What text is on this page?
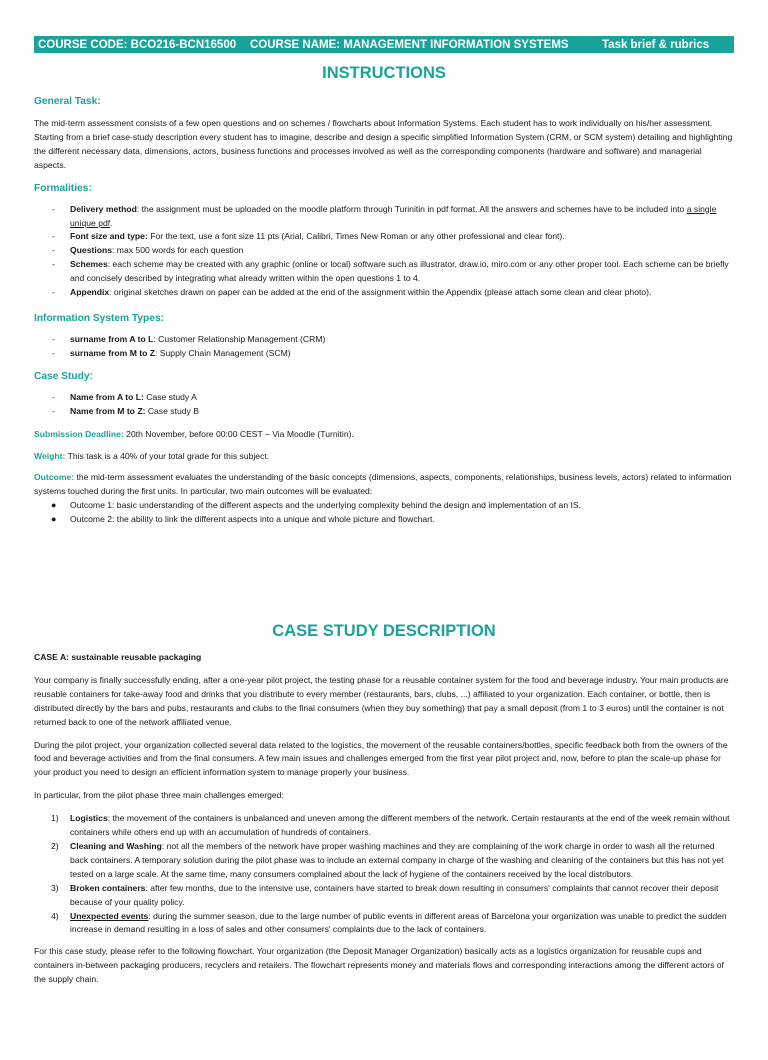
COURSE CODE: BCO216-BCN16500	COURSE NAME: MANAGEMENT INFORMATION SYSTEMS	Task brief & rubrics
INSTRUCTIONS
General Task:

The mid-term assessment consists of a few open questions and on schemes / flowcharts about Information Systems. Each student has to work individually on his/her assessment. Starting from a brief case-study description every student has to imagine, describe and design a specific simplified Information System (CRM, or SCM system) detailing and highlighting the different necessary data, dimensions, actors, business functions and processes involved as well as the corresponding components (hardware and software) and managerial aspects.

Formalities:
- Delivery method: the assignment must be uploaded on the moodle platform through Turinitin in pdf format. All the answers and schemes have to be included into a single unique pdf.
- Font size and type: For the text, use a font size 11 pts (Arial, Calibri, Times New Roman or any other professional and clear font).
- Questions: max 500 words for each question
- Schemes: each scheme may be created with any graphic (online or local) software such as illustrator, draw.io, miro.com or any other proper tool. Each scheme can be briefly and concisely described by integrating what already written within the open questions 1 to 4.
- Appendix: original sketches drawn on paper can be added at the end of the assignment within the Appendix (please attach some clean and clear photo).
Information System Types:
- surname from A to L: Customer Relationship Management (CRM)
- surname from M to Z: Supply Chain Management (SCM)
Case Study:
- Name from A to L: Case study A
- Name from M to Z: Case study B

Submission Deadline: 20th November, before 00:00 CEST – Via Moodle (Turnitin).

Weight: This task is a 40% of your total grade for this subject.

Outcome: the mid-term assessment evaluates the understanding of the basic concepts (dimensions, aspects, components, relationships, business levels, actors) related to information systems touched during the first units. In particular, two main outcomes will be evaluated:

● Outcome 1: basic understanding of the different aspects and the underlying complexity behind the design and implementation of an IS.
● Outcome 2: the ability to link the different aspects into a unique and whole picture and flowchart.
CASE STUDY DESCRIPTION

CASE A: sustainable reusable packaging

Your company is finally successfully ending, after a one-year pilot project, the testing phase for a reusable container system for the food and beverage industry. Your main products are reusable containers for take-away food and drinks that you distribute to every member (restaurants, bars, clubs, ...) affiliated to your organization. Each container, or bottle, then is distributed directly by the bars and pubs, restaurants and clubs to the final consumers (when they buy something) that pay a small deposit (from 1 to 3 euros) until the container is not returned back to one of the network affiliated venue.

During the pilot project, your organization collected several data related to the logistics, the movement of the reusable containers/bottles, specific feedback both from the owners of the food and beverage activities and from the final consumers. A few main issues and challenges emerged from the first year pilot project and, now, before to plan the scale-up phase for your product you need to design an efficient information system to manage properly your business.

In particular, from the pilot phase three main challenges emerged:

1) Logistics: the movement of the containers is unbalanced and uneven among the different members of the network. Certain restaurants at the end of the week remain without containers while others end up with an accumulation of hundreds of containers.
2) Cleaning and Washing: not all the members of the network have proper washing machines and they are complaining of the work charge in order to wash all the returned back containers. A temporary solution during the pilot phase was to include an external company in charge of the washing and cleaning of the containers but this has not yet tested on a large scale. At the same time, many consumers complained about the lack of hygiene of the containers received by the local distributors.
3) Broken containers: after few months, due to the intensive use, containers have started to break down resulting in consumers' complaints that cannot recover their deposit because of your quality policy.
4) Unexpected events: during the summer season, due to the large number of public events in different areas of Barcelona your organization was unable to predict the sudden increase in demand resulting in a loss of sales and other consumers' complaints due to the lack of containers.

For this case study, please refer to the following flowchart. Your organization (the Deposit Manager Organization) basically acts as a logistics organization for reusable cups and containers in-between packaging producers, recyclers and retailers. The flowchart represents money and materials flows and corresponding interactions among the different actors of the supply chain.
